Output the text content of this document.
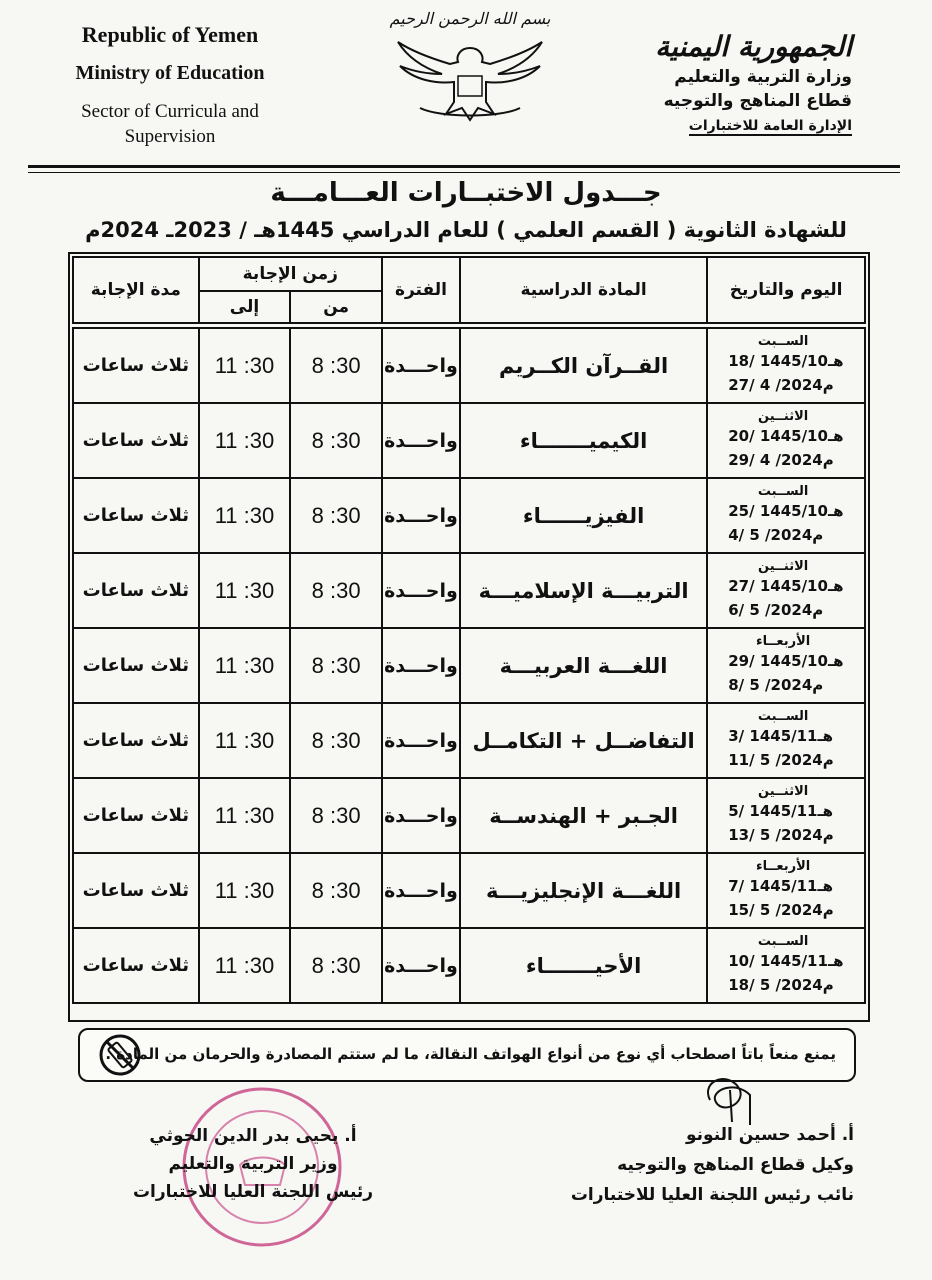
Republic of Yemen
Ministry of Education
Sector of Curricula and
Supervision
بسم الله الرحمن الرحيم
الجمهورية اليمنية
وزارة التربية والتعليم
قطاع المناهج والتوجيه
الإدارة العامة للاختبارات
جـــدول الاختبــارات العـــامـــة
للشهادة الثانوية ( القسم العلمي ) للعام الدراسي 1445هـ / 2023ـ 2024م
مدة الإجابة	زمن الإجابة		الفترة	المادة الدراسية	اليوم والتاريخ
	إلى	من			

ثلاث ساعات	11 :30	8 :30	واحـــدة	القــرآن الكــريم	الســبت
18/ 1445/10هـ
27/ 4 /2024م

ثلاث ساعات	11 :30	8 :30	واحـــدة	الكيميـــــــاء	الاثنــين
20/ 1445/10هـ
29/ 4 /2024م

ثلاث ساعات	11 :30	8 :30	واحـــدة	الفيزيــــــاء	الســبت
25/ 1445/10هـ
4/ 5 /2024م

ثلاث ساعات	11 :30	8 :30	واحـــدة	التربيـــة الإسلاميـــة	الاثنــين
27/ 1445/10هـ
6/ 5 /2024م

ثلاث ساعات	11 :30	8 :30	واحـــدة	اللغـــة العربيـــة	الأربعــاء
29/ 1445/10هـ
8/ 5 /2024م

ثلاث ساعات	11 :30	8 :30	واحـــدة	التفاضــل + التكامــل	الســبت
3/ 1445/11هـ
11/ 5 /2024م

ثلاث ساعات	11 :30	8 :30	واحـــدة	الجـبر + الهندســة	الاثنــين
5/ 1445/11هـ
13/ 5 /2024م

ثلاث ساعات	11 :30	8 :30	واحـــدة	اللغـــة الإنجليزيـــة	الأربعــاء
7/ 1445/11هـ
15/ 5 /2024م

ثلاث ساعات	11 :30	8 :30	واحـــدة	الأحيـــــــاء	الســبت
10/ 1445/11هـ
18/ 5 /2024م
يمنع منعاً باتاً اصطحاب أي نوع من أنواع الهواتف النقالة، ما لم ستتم المصادرة والحرمان من المادة .
أ. أحمد حسين النونو
وكيل قطاع المناهج والتوجيه
نائب رئيس اللجنة العليا للاختبارات
أ. يحيى بدر الدين الحوثي
وزير التربية والتعليم
رئيس اللجنة العليا للاختبارات
